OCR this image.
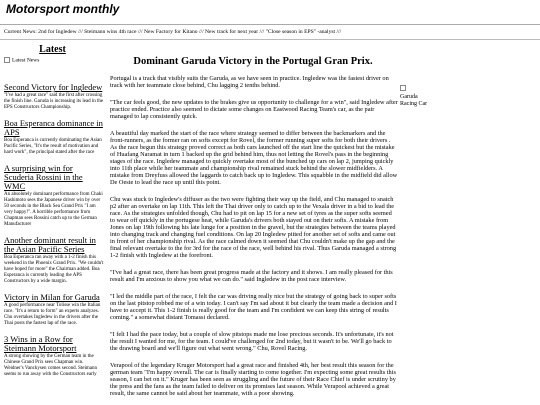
Motorsport monthly
Current News: 2nd for Ingledew /// Steimann wins 4th race /// New Factory for Kitano /// New track for next year /// "Close season in EPS" -analyst ///
Latest
Latest News
Second Victory for Ingledew
"I've had a great race" said the first after crossing the finish line. Garuda is increasing its lead in the EPS Constructors Championship.
Boa Esperanca dominance in APS
Boa Esperanca is currently dominating the Asian Pacific Series, "It's the result of motivation and hard work", the principal stated after the race
A surprising win for Scuderia Rossini in the WMC
An absolutely dominant performance from Chaki Hashimoto sees the Japanese driver win by over 50 seconds in the Black Sea Grand Prix "I am very happy!". A horrible performance from Chapman sees Rossini catch up to the German Manufacturer
Another dominant result in the Asian Pacific Series
Boa Esperanca ran away with a 1-2 finish this weekend in the Phoenix Grand Prix. "We couldn't have hoped for more" the Chairman added. Boa Esperanca is currently leading the APS Constructors by a wide margin.
Victory in Milan for Garuda
A good performance near Tolisse win the Italian race. "It's a return to form" an experts analyzes. Chu overtakes Ingledew in the drivers after the Thai posts the fastest lap of the race.
3 Wins in a Row for Steimann Motorsport
A strong showing by the German team in the Chinese Grand Prix sees Chapman win. Weidner's Vanckysen comes second. Steimann seems to run away with the Constructors early
Dominant Garuda Victory in the Portugal Gran Prix.

Portugal is a track that visibly suits the Garuda, as we have seen in practice. Ingledew was the fastest driver on track with her teammate close behind, Chu lagging 2 tenths behind.

"The car feels good, the new updates to the brakes give us opportunity to challenge for a win", said Ingledew after practice ended. Practice also seemed to dictate some changes on Eastwood Racing Team's car, as the pair managed to lap consistently quick.

A beautiful day marked the start of the race where strategy seemed to differ between the backmarkers and the front-runners, as the former ran on softs except for Rovel, the former running super softs for both their drivers . As the race begun this strategy proved correct as both cars launched off the start line the quickest but the mistake of Huafang Naramat in turn 1 backed up the grid behind him, thus not letting the Rovel's pass in the beginning stages of the race. Ingledew managed to quickly overtake most of the bunched up cars on lap 2, jumping quickly into 11th place while her teammate and championship rival remained stuck behind the slower midfielders. A mistake from Dreyfuss allowed the laggards to catch back up to Ingledew. This squabble in the midfield did allow De Oeste to lead the race up until this point.

Chu was stuck to Ingledew's diffuser as the two were fighting their way up the field, and Chu managed to snatch p2 after an overtake on lap 11th. This left the Thai driver only to catch up to the Vexala driver in a bid to lead the race. As the strategies unfolded though, Chu had to pit on lap 15 for a new set of tyres as the super softs seemed to wear off quickly in the portugese heat, while Garuda's drivers both stayed out on their softs. A mistake from Jones on lap 19th following his late lunge for a position in the gravel, but the strategies between the teams played into changing track and changing fuel conditions. On lap 20 Ingledew pitted for another set of softs and came out in front of her championship rival. As the race calmed down it seemed that Chu couldn't make up the gap and the final relevant overtake to the for 3rd for the race of the race, well behind his rival. Thus Garuda managed a strong 1-2 finish with Ingledew at the forefront.

"I've had a great race, there has been great progress made at the factory and it shows. I am really pleased for this result and I'm anxious to show you what we can do." said Ingledew in the post race interview.

"I led the middle part of the race, I felt the car was driving really nice but the strategy of going back to super softs on the last pitstop robbed me of a win today. I can't say I'm sad about it but clearly the team made a decision and I have to accept it. This 1-2 finish is really good for the team and I'm confident we can keep this string of results coming." a somewhat distant Tomassi declared.

"I felt I had the pace today, but a couple of slow pitstops made me lose precious seconds. It's unfortunate, it's not the result I wanted for me, for the team. I could've challenged for 2nd today, but it wasn't to be. We'll go back to the drawing board and we'll figure out what went wrong." Chu, Rovel Racing.

Verapool of the legendary Kruger Motorsport had a great race and finished 4th, her best result this season for the german team "I'm happy overall. The car is finally starting to come together. I'm expecting some great results this season, I can bet on it." Kruger has been seen as struggling and the future of their Race Chief is under scrutiny by the press and the fans as the team failed to deliver on its promises last season. While Verapool achieved a great result, the same cannot be said about her teammate, with a poor showing.

Garuda Racing Car
